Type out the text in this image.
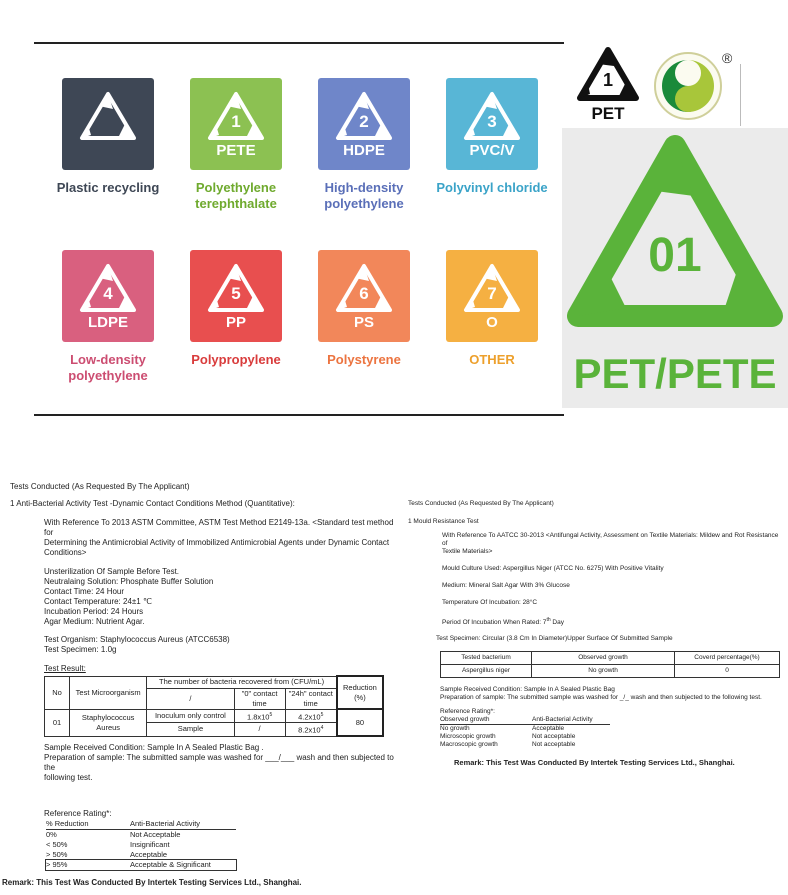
Plastic recycling
1
PETE
Polyethylene terephthalate
2
HDPE
High-density polyethylene
3
PVC/V
Polyvinyl chloride
4
LDPE
Low-density polyethylene
5
PP
Polypropylene
6
PS
Polystyrene
7
O
OTHER
1
PET
®
01
PET/PETE
Tests Conducted (As Requested By The Applicant)
1 Anti-Bacterial Activity Test -Dynamic Contact Conditions Method (Quantitative):
With Reference To 2013 ASTM Committee, ASTM Test Method E2149-13a. <Standard test method for
Determining the Antimicrobial Activity of Immobilized Antimicrobial Agents under Dynamic Contact
Conditions>
Unsterilization Of Sample Before Test.
Neutralaing Solution: Phosphate Buffer Solution
Contact Time: 24 Hour
Contact Temperature: 24±1 ℃
Incubation Period: 24 Hours
Agar Medium: Nutrient Agar.
Test Organism: Staphylococcus Aureus (ATCC6538)
Test Specimen: 1.0g
Test Result:
No	Test Microorganism	The number of bacteria recovered from (CFU/mL)			Reduction (%)
		/	"0" contact time	"24h" contact time	
01	Staphylococcus Aureus	Inoculum only control	$1.8x10^5$	$4.2x10^5$	80
		Sample	/	$8.2x10^4$
Sample Received Condition: Sample In A Sealed Plastic Bag .
Preparation of sample: The submitted sample was washed for ___/___ wash and then subjected to the
following test.
Reference Rating*:
% Reduction	Anti-Bacterial Activity
0%	Not Acceptable
< 50%	Insignificant
> 50%	Acceptable
> 95%	Acceptable & Significant
Remark: This Test Was Conducted By Intertek Testing Services Ltd., Shanghai.
Tests Conducted (As Requested By The Applicant)
1 Mould Resistance Test
With Reference To AATCC 30-2013 <Antifungal Activity, Assessment on Textile Materials: Mildew and Rot Resistance of
Textile Materials>
Mould Culture Used: Aspergillus Niger (ATCC No. 6275) With Positive Vitality
Medium: Mineral Salt Agar With 3% Glucose
Temperature Of Incubation: 28°C
Period Of Incubation When Rated: 7th Day
Test Specimen: Circular (3.8 Cm In Diameter)Upper Surface Of Submitted Sample
Tested bacterium	Observed growth	Coverd percentage(%)
Aspergillus niger	No growth	0
Sample Received Condition: Sample In A Sealed Plastic Bag
Preparation of sample: The submitted sample was washed for _/_ wash and then subjected to the following test.
Reference Rating*:
Observed growth	Anti-Bacterial Activity
No growth	Acceptable
Microscopic growth	Not acceptable
Macroscopic growth	Not acceptable
Remark: This Test Was Conducted By Intertek Testing Services Ltd., Shanghai.
